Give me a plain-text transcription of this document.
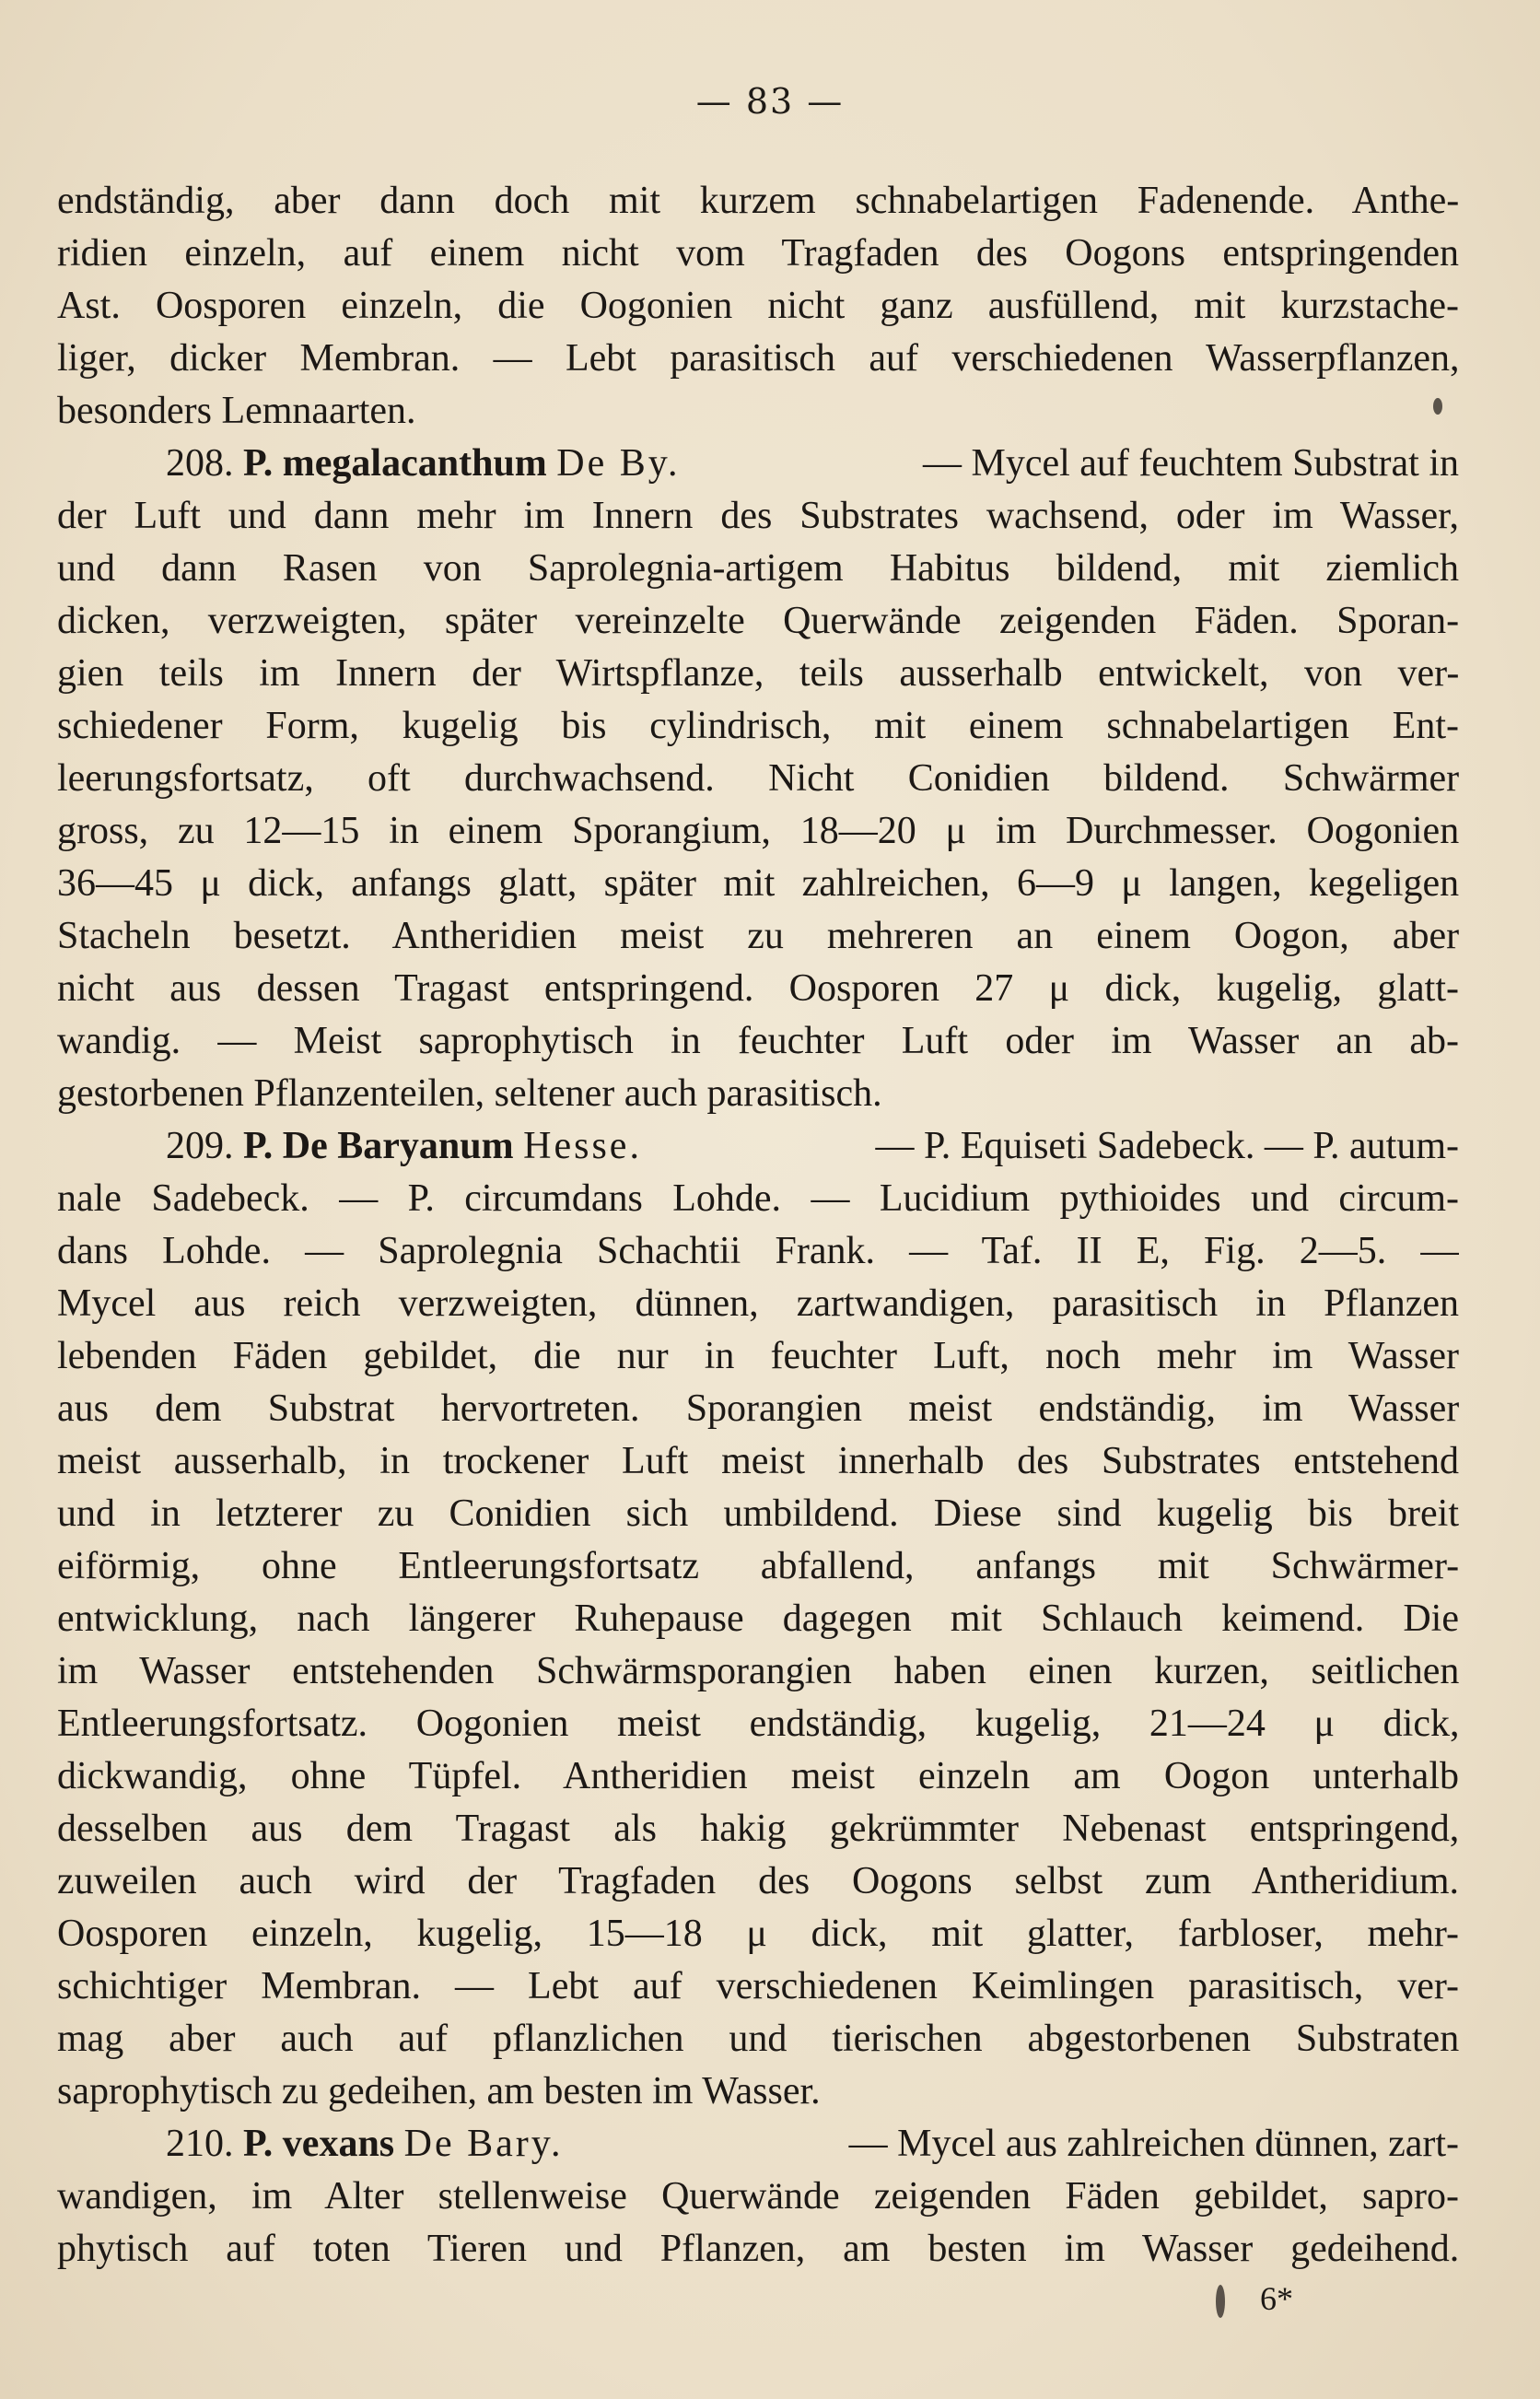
— 83 —
endständig, aber dann doch mit kurzem schnabelartigen Fadenende. Anthe-
ridien einzeln, auf einem nicht vom Tragfaden des Oogons entspringenden
Ast. Oosporen einzeln, die Oogonien nicht ganz ausfüllend, mit kurzstache-
liger, dicker Membran. — Lebt parasitisch auf verschiedenen Wasserpflanzen,
besonders Lemnaarten.
208. P. megalacanthum De By.	— Mycel auf feuchtem Substrat in
der Luft und dann mehr im Innern des Substrates wachsend, oder im Wasser,
und dann Rasen von Saprolegnia-artigem Habitus bildend, mit ziemlich
dicken, verzweigten, später vereinzelte Querwände zeigenden Fäden. Sporan-
gien teils im Innern der Wirtspflanze, teils ausserhalb entwickelt, von ver-
schiedener Form, kugelig bis cylindrisch, mit einem schnabelartigen Ent-
leerungsfortsatz, oft durchwachsend. Nicht Conidien bildend. Schwärmer
gross, zu 12—15 in einem Sporangium, 18—20 μ im Durchmesser. Oogonien
36—45 μ dick, anfangs glatt, später mit zahlreichen, 6—9 μ langen, kegeligen
Stacheln besetzt. Antheridien meist zu mehreren an einem Oogon, aber
nicht aus dessen Tragast entspringend. Oosporen 27 μ dick, kugelig, glatt-
wandig. — Meist saprophytisch in feuchter Luft oder im Wasser an ab-
gestorbenen Pflanzenteilen, seltener auch parasitisch.
209. P. De Baryanum Hesse.	— P. Equiseti Sadebeck. — P. autum-
nale Sadebeck. — P. circumdans Lohde. — Lucidium pythioides und circum-
dans Lohde. — Saprolegnia Schachtii Frank. — Taf. II E, Fig. 2—5. —
Mycel aus reich verzweigten, dünnen, zartwandigen, parasitisch in Pflanzen
lebenden Fäden gebildet, die nur in feuchter Luft, noch mehr im Wasser
aus dem Substrat hervortreten. Sporangien meist endständig, im Wasser
meist ausserhalb, in trockener Luft meist innerhalb des Substrates entstehend
und in letzterer zu Conidien sich umbildend. Diese sind kugelig bis breit
eiförmig, ohne Entleerungsfortsatz abfallend, anfangs mit Schwärmer-
entwicklung, nach längerer Ruhepause dagegen mit Schlauch keimend. Die
im Wasser entstehenden Schwärmsporangien haben einen kurzen, seitlichen
Entleerungsfortsatz. Oogonien meist endständig, kugelig, 21—24 μ dick,
dickwandig, ohne Tüpfel. Antheridien meist einzeln am Oogon unterhalb
desselben aus dem Tragast als hakig gekrümmter Nebenast entspringend,
zuweilen auch wird der Tragfaden des Oogons selbst zum Antheridium.
Oosporen einzeln, kugelig, 15—18 μ dick, mit glatter, farbloser, mehr-
schichtiger Membran. — Lebt auf verschiedenen Keimlingen parasitisch, ver-
mag aber auch auf pflanzlichen und tierischen abgestorbenen Substraten
saprophytisch zu gedeihen, am besten im Wasser.
210. P. vexans De Bary.	— Mycel aus zahlreichen dünnen, zart-
wandigen, im Alter stellenweise Querwände zeigenden Fäden gebildet, sapro-
phytisch auf toten Tieren und Pflanzen, am besten im Wasser gedeihend.
6*
